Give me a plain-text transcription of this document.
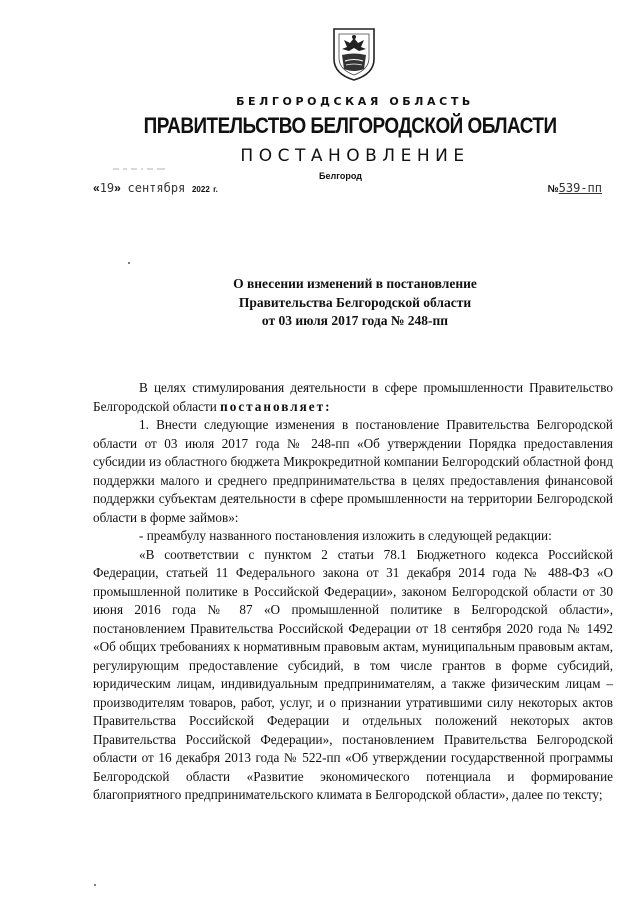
БЕЛГОРОДСКАЯ ОБЛАСТЬ
ПРАВИТЕЛЬСТВО БЕЛГОРОДСКОЙ ОБЛАСТИ
ПОСТАНОВЛЕНИЕ
Белгород
«19» сентября 2022 г.	№539-пп
О внесении изменений в постановление
Правительства Белгородской области
от 03 июля 2017 года № 248-пп

В целях стимулирования деятельности в сфере промышленности Правительство Белгородской области постановляет:

1. Внести следующие изменения в постановление Правительства Белгородской области от 03 июля 2017 года № 248-пп «Об утверждении Порядка предоставления субсидии из областного бюджета Микрокредитной компании Белгородский областной фонд поддержки малого и среднего предпринимательства в целях предоставления финансовой поддержки субъектам деятельности в сфере промышленности на территории Белгородской области в форме займов»:

- преамбулу названного постановления изложить в следующей редакции:

«В соответствии с пунктом 2 статьи 78.1 Бюджетного кодекса Российской Федерации, статьей 11 Федерального закона от 31 декабря 2014 года № 488-ФЗ «О промышленной политике в Российской Федерации», законом Белгородской области от 30 июня 2016 года № 87 «О промышленной политике в Белгородской области», постановлением Правительства Российской Федерации от 18 сентября 2020 года № 1492 «Об общих требованиях к нормативным правовым актам, муниципальным правовым актам, регулирующим предоставление субсидий, в том числе грантов в форме субсидий, юридическим лицам, индивидуальным предпринимателям, а также физическим лицам – производителям товаров, работ, услуг, и о признании утратившими силу некоторых актов Правительства Российской Федерации и отдельных положений некоторых актов Правительства Российской Федерации», постановлением Правительства Белгородской области от 16 декабря 2013 года № 522-пп «Об утверждении государственной программы Белгородской области «Развитие экономического потенциала и формирование благоприятного предпринимательского климата в Белгородской области», далее по тексту;
